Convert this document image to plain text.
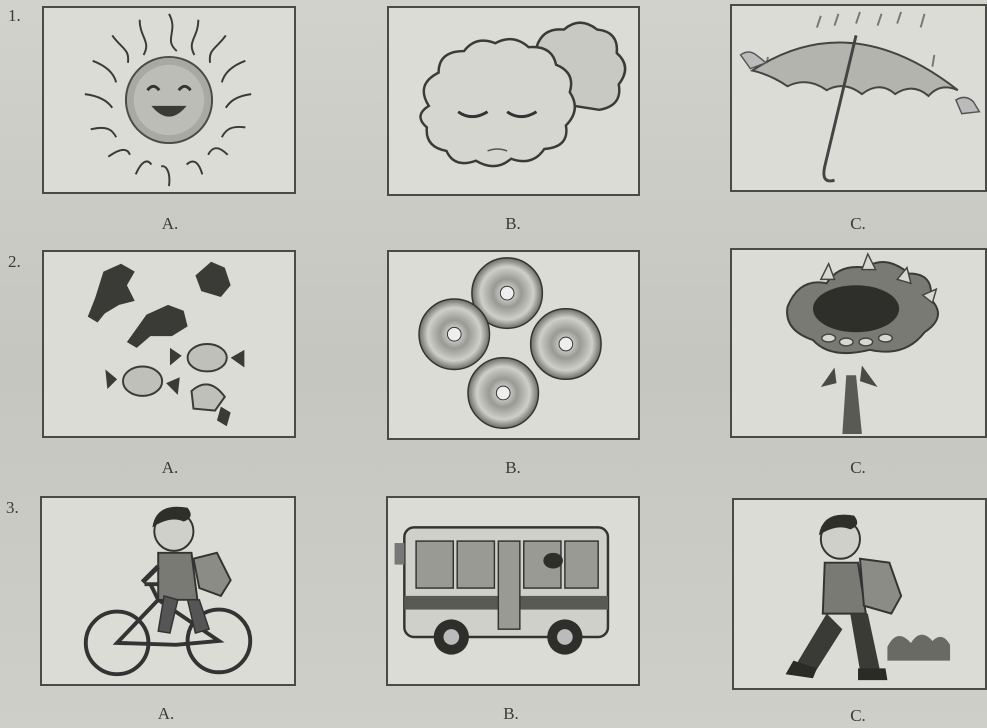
1.
A.	B.	C.
2.
A.	B.	C.
3.
A.	B.	C.
